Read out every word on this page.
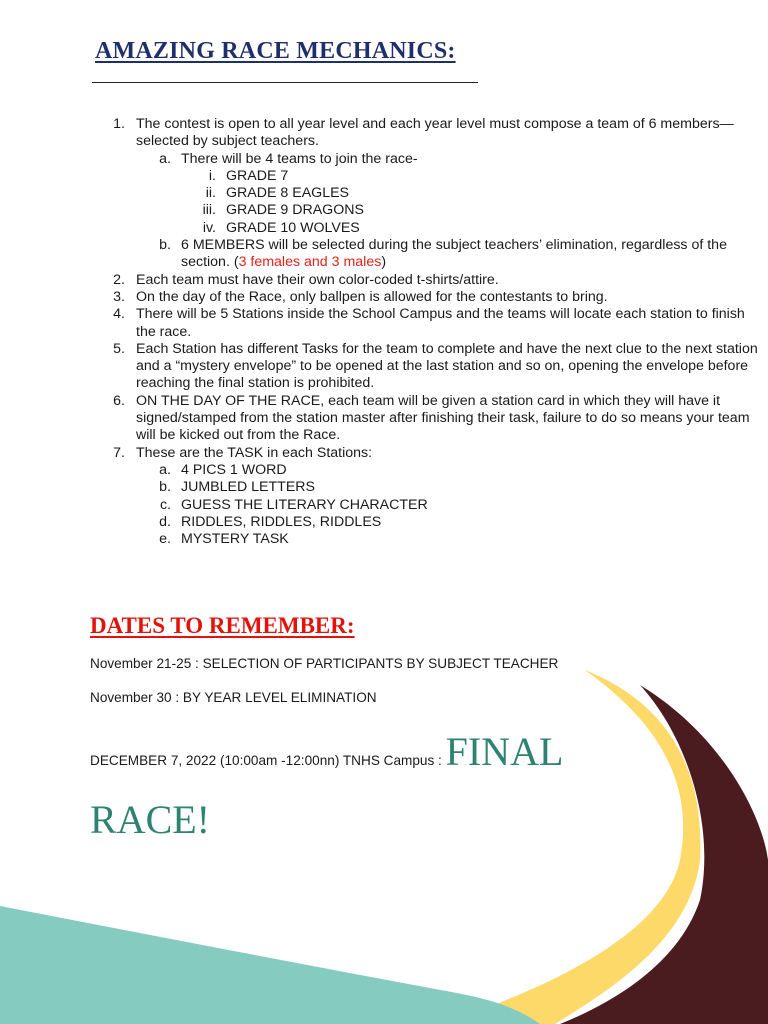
AMAZING RACE MECHANICS:
1. The contest is open to all year level and each year level must compose a team of 6 members—selected by subject teachers.
a. There will be 4 teams to join the race-
i. GRADE 7
ii. GRADE 8 EAGLES
iii. GRADE 9 DRAGONS
iv. GRADE 10 WOLVES
b. 6 MEMBERS will be selected during the subject teachers’ elimination, regardless of the section. (3 females and 3 males)
2. Each team must have their own color-coded t-shirts/attire.
3. On the day of the Race, only ballpen is allowed for the contestants to bring.
4. There will be 5 Stations inside the School Campus and the teams will locate each station to finish the race.
5. Each Station has different Tasks for the team to complete and have the next clue to the next station and a “mystery envelope” to be opened at the last station and so on, opening the envelope before reaching the final station is prohibited.
6. ON THE DAY OF THE RACE, each team will be given a station card in which they will have it signed/stamped from the station master after finishing their task, failure to do so means your team will be kicked out from the Race.
7. These are the TASK in each Stations:
a. 4 PICS 1 WORD
b. JUMBLED LETTERS
c. GUESS THE LITERARY CHARACTER
d. RIDDLES, RIDDLES, RIDDLES
e. MYSTERY TASK
DATES TO REMEMBER:
November 21-25 : SELECTION OF PARTICIPANTS BY SUBJECT TEACHER
November 30 : BY YEAR LEVEL ELIMINATION
DECEMBER 7, 2022 (10:00am -12:00nn) TNHS Campus : FINAL RACE!
